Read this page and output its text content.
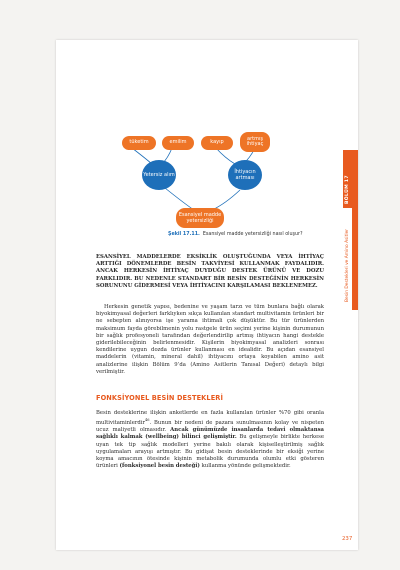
BÖLÜM 17
Besin Destekleri ve Amino Asitler
tüketim	emilim	kayıp
artmış ihtiyaç
Yetersiz alım	İhtiyacın artması
Esansiyel madde yetersizliği
Şekil 17.11. Esansiyel madde yetersizliği nasıl oluşur?

ESANSİYEL MADDELERDE EKSİKLİK OLUŞTUĞUNDA VEYA İHTİYAÇ ARTTIĞI DÖNEMLERDE BESİN TAKVİYESİ KULLANMAK FAYDALIDIR. ANCAK HERKESİN İHTİYAÇ DUYDUĞU DESTEK ÜRÜNÜ VE DOZU FARKLIDIR. BU NEDENLE STANDART BİR BESİN DESTEĞİNİN HERKESİN SORUNUNU GİDERMESİ VEYA İHTİYACINI KARŞILAMASI BEKLENEMEZ.

Herkesin genetik yapısı, bedenine ve yaşam tarzı ve tüm bunlara bağlı olarak biyokimyasal değerleri farklıyken sıkça kullanılan standart multivitamin ürünleri bir ne sebepten alınıyorsa işe yarama ihtimali çok düşüktür. Bu tür ürünlerden maksimum fayda görebilmenin yolu rastgele ürün seçimi yerine kişinin durumunun bir sağlık profesyoneli tarafından değerlendirilip artmış ihtiyacın hangi destekle giderilebileceğinin belirlenmesidir. Kişilerin biyokimyasal analizleri sonrası kendilerine uygun dozda ürünler kullanması en idealidir. Bu açıdan esansiyel maddelerin (vitamin, mineral dahil) ihtiyacını ortaya koyabilen amino asit analizlerine ilişkin Bölüm 9’da (Amino Asitlerin Tanısal Değeri) detaylı bilgi verilmiştir.

FONKSİYONEL BESİN DESTEKLERİ

Besin desteklerine ilişkin anketlerde en fazla kullanılan ürünler %70 gibi oranla multivitaminlerdir$^{46}$. Bunun bir nedeni de pazara sunulmasının kolay ve nispeten ucuz maliyetli olmasıdır. Ancak günümüzde insanlarda tedavi olmaktansa sağlıklı kalmak (wellbeing) bilinci gelişmiştir. Bu gelişmeyle birlikte herkese uyan tek tip sağlık modelleri yerine bakılı olarak kişiselleştirilmiş sağlık uygulamaları arayışı artmıştır. Bu gidişat besin desteklerinde bir eksiği yerine koyma amacının ötesinde kişinin metabolik durumunda olumlu etki gösteren ürünleri (fonksiyonel besin desteği) kullanma yönünde gelişmektedir.

237
